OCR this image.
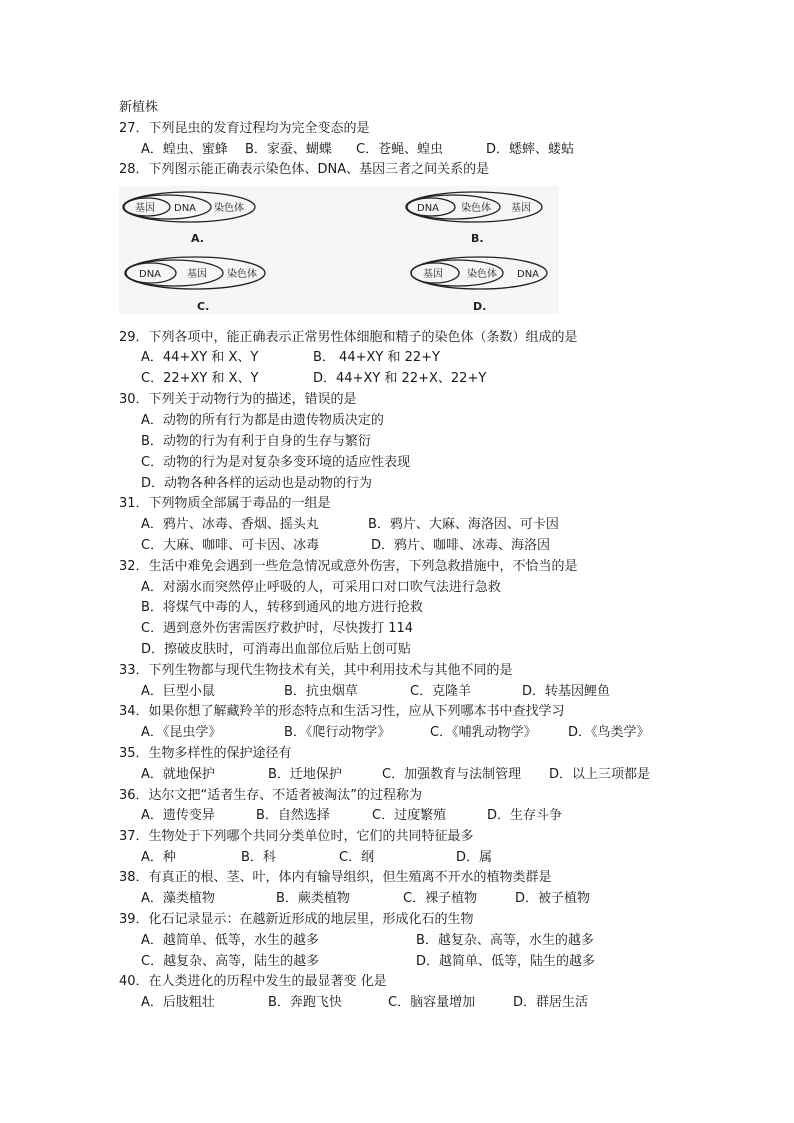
新植株
27．下列昆虫的发育过程均为完全变态的是
A．蝗虫、蜜蜂 B．家蚕、蝴蝶 C．苍蝇、蝗虫	D．蟋蟀、蝼蛄
28．下列图示能正确表示染色体、DNA、基因三者之间关系的是
基因 DNA 染色体
A.
DNA 染色体 基因
B.
DNA	基因 染色体
C.
基因 染色体 DNA
D.
29．下列各项中，能正确表示正常男性体细胞和精子的染色体（条数）组成的是
A．44+XY 和 X、Y	B． 44+XY 和 22+Y
C．22+XY 和 X、Y	D．44+XY 和 22+X、22+Y
30．下列关于动物行为的描述，错误的是
A．动物的所有行为都是由遗传物质决定的
B．动物的行为有利于自身的生存与繁衍
C．动物的行为是对复杂多变环境的适应性表现
D．动物各种各样的运动也是动物的行为
31．下列物质全部属于毒品的一组是
A．鸦片、冰毒、香烟、摇头丸	B．鸦片、大麻、海洛因、可卡因
C．大麻、咖啡、可卡因、冰毒	D．鸦片、咖啡、冰毒、海洛因
32．生活中难免会遇到一些危急情况或意外伤害，下列急救措施中，不恰当的是
A．对溺水而突然停止呼吸的人，可采用口对口吹气法进行急救
B．将煤气中毒的人，转移到通风的地方进行抢救
C．遇到意外伤害需医疗救护时，尽快拨打 114
D．擦破皮肤时，可消毒出血部位后贴上创可贴
33．下列生物都与现代生物技术有关，其中利用技术与其他不同的是
A．巨型小鼠	B．抗虫烟草	C．克隆羊	D．转基因鲤鱼
34．如果你想了解藏羚羊的形态特点和生活习性，应从下列哪本书中查找学习
A．《昆虫学》	B．《爬行动物学》	C．《哺乳动物学》 D．《鸟类学》
35．生物多样性的保护途径有
A．就地保护	B．迁地保护	C．加强教育与法制管理 D．以上三项都是
36．达尔文把“适者生存、不适者被淘汰”的过程称为
A．遗传变异	B．自然选择	C．过度繁殖	D．生存斗争
37．生物处于下列哪个共同分类单位时，它们的共同特征最多
A．种	B．科	C．纲	D．属
38．有真正的根、茎、叶，体内有输导组织，但生殖离不开水的植物类群是
A．藻类植物	B．蕨类植物	C．裸子植物	D．被子植物
39．化石记录显示：在越新近形成的地层里，形成化石的生物
A．越简单、低等，水生的越多	B．越复杂、高等，水生的越多
C．越复杂、高等，陆生的越多	D．越简单、低等，陆生的越多
40．在人类进化的历程中发生的最显著变 化是
A．后肢粗壮	B．奔跑飞快	C．脑容量增加	D．群居生活
